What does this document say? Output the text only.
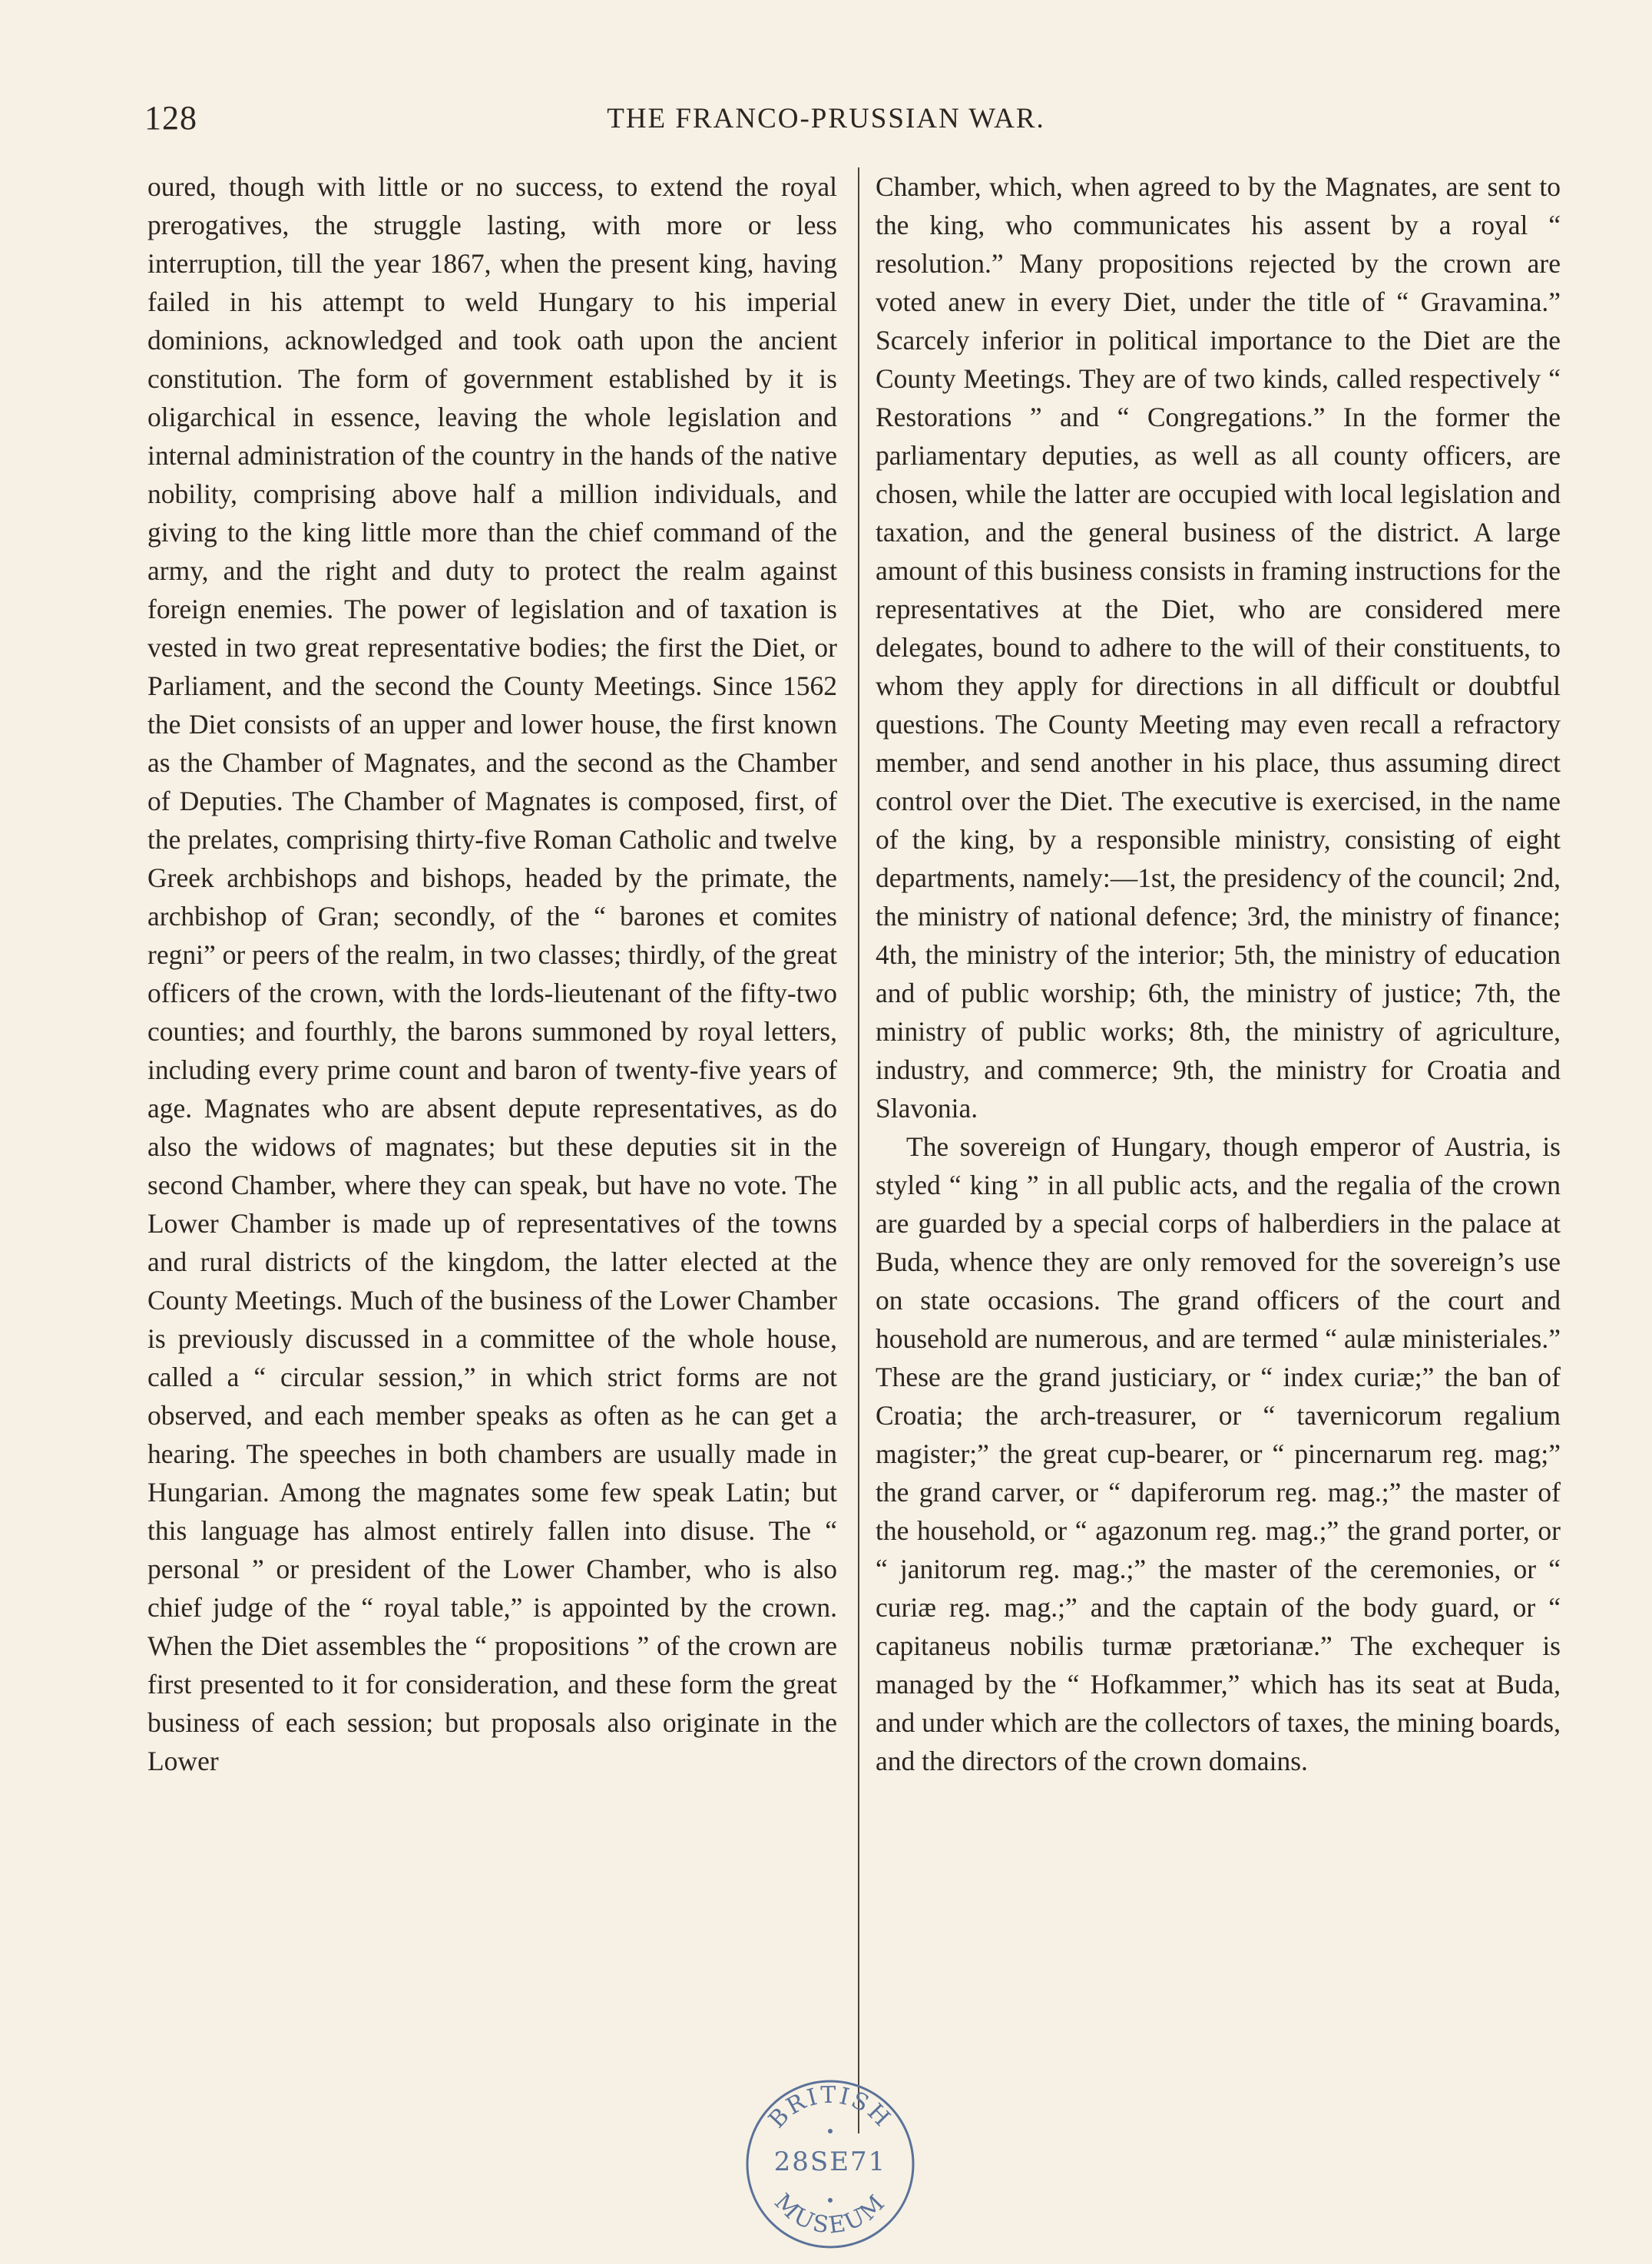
128	THE FRANCO-PRUSSIAN WAR.

oured, though with little or no success, to extend the royal prerogatives, the struggle lasting, with more or less interruption, till the year 1867, when the present king, having failed in his attempt to weld Hungary to his imperial dominions, acknowledged and took oath upon the ancient constitution. The form of government established by it is oligarchical in essence, leaving the whole legislation and internal administration of the country in the hands of the native nobility, comprising above half a million individuals, and giving to the king little more than the chief command of the army, and the right and duty to protect the realm against foreign enemies. The power of legislation and of taxation is vested in two great representative bodies; the first the Diet, or Parliament, and the second the County Meetings. Since 1562 the Diet consists of an upper and lower house, the first known as the Chamber of Magnates, and the second as the Chamber of Deputies. The Chamber of Magnates is composed, first, of the prelates, comprising thirty-five Roman Catholic and twelve Greek archbishops and bishops, headed by the primate, the archbishop of Gran; secondly, of the “ barones et comites regni” or peers of the realm, in two classes; thirdly, of the great officers of the crown, with the lords-lieutenant of the fifty-two counties; and fourthly, the barons summoned by royal letters, including every prime count and baron of twenty-five years of age. Magnates who are absent depute representatives, as do also the widows of magnates; but these deputies sit in the second Chamber, where they can speak, but have no vote. The Lower Chamber is made up of representatives of the towns and rural districts of the kingdom, the latter elected at the County Meetings. Much of the business of the Lower Chamber is previously discussed in a committee of the whole house, called a “ circular session,” in which strict forms are not observed, and each member speaks as often as he can get a hearing. The speeches in both chambers are usually made in Hungarian. Among the magnates some few speak Latin; but this language has almost entirely fallen into disuse. The “ personal ” or president of the Lower Chamber, who is also chief judge of the “ royal table,” is appointed by the crown. When the Diet assembles the “ propositions ” of the crown are first presented to it for consideration, and these form the great business of each session; but proposals also originate in the Lower

Chamber, which, when agreed to by the Magnates, are sent to the king, who communicates his assent by a royal “ resolution.” Many propositions rejected by the crown are voted anew in every Diet, under the title of “ Gravamina.” Scarcely inferior in political importance to the Diet are the County Meetings. They are of two kinds, called respectively “ Restorations ” and “ Congregations.” In the former the parliamentary deputies, as well as all county officers, are chosen, while the latter are occupied with local legislation and taxation, and the general business of the district. A large amount of this business consists in framing instructions for the representatives at the Diet, who are considered mere delegates, bound to adhere to the will of their constituents, to whom they apply for directions in all difficult or doubtful questions. The County Meeting may even recall a refractory member, and send another in his place, thus assuming direct control over the Diet. The executive is exercised, in the name of the king, by a responsible ministry, consisting of eight departments, namely:—1st, the presidency of the council; 2nd, the ministry of national defence; 3rd, the ministry of finance; 4th, the ministry of the interior; 5th, the ministry of education and of public worship; 6th, the ministry of justice; 7th, the ministry of public works; 8th, the ministry of agriculture, industry, and commerce; 9th, the ministry for Croatia and Slavonia.

The sovereign of Hungary, though emperor of Austria, is styled “ king ” in all public acts, and the regalia of the crown are guarded by a special corps of halberdiers in the palace at Buda, whence they are only removed for the sovereign’s use on state occasions. The grand officers of the court and household are numerous, and are termed “ aulæ ministeriales.” These are the grand justiciary, or “ index curiæ;” the ban of Croatia; the arch-treasurer, or “ tavernicorum regalium magister;” the great cup-bearer, or “ pincernarum reg. mag;” the grand carver, or “ dapiferorum reg. mag.;” the master of the household, or “ agazonum reg. mag.;” the grand porter, or “ janitorum reg. mag.;” the master of the ceremonies, or “ curiæ reg. mag.;” and the captain of the body guard, or “ capitaneus nobilis turmæ prætorianæ.” The exchequer is managed by the “ Hofkammer,” which has its seat at Buda, and under which are the collectors of taxes, the mining boards, and the directors of the crown domains.

BRITISH
MUSEUM
28SE71
